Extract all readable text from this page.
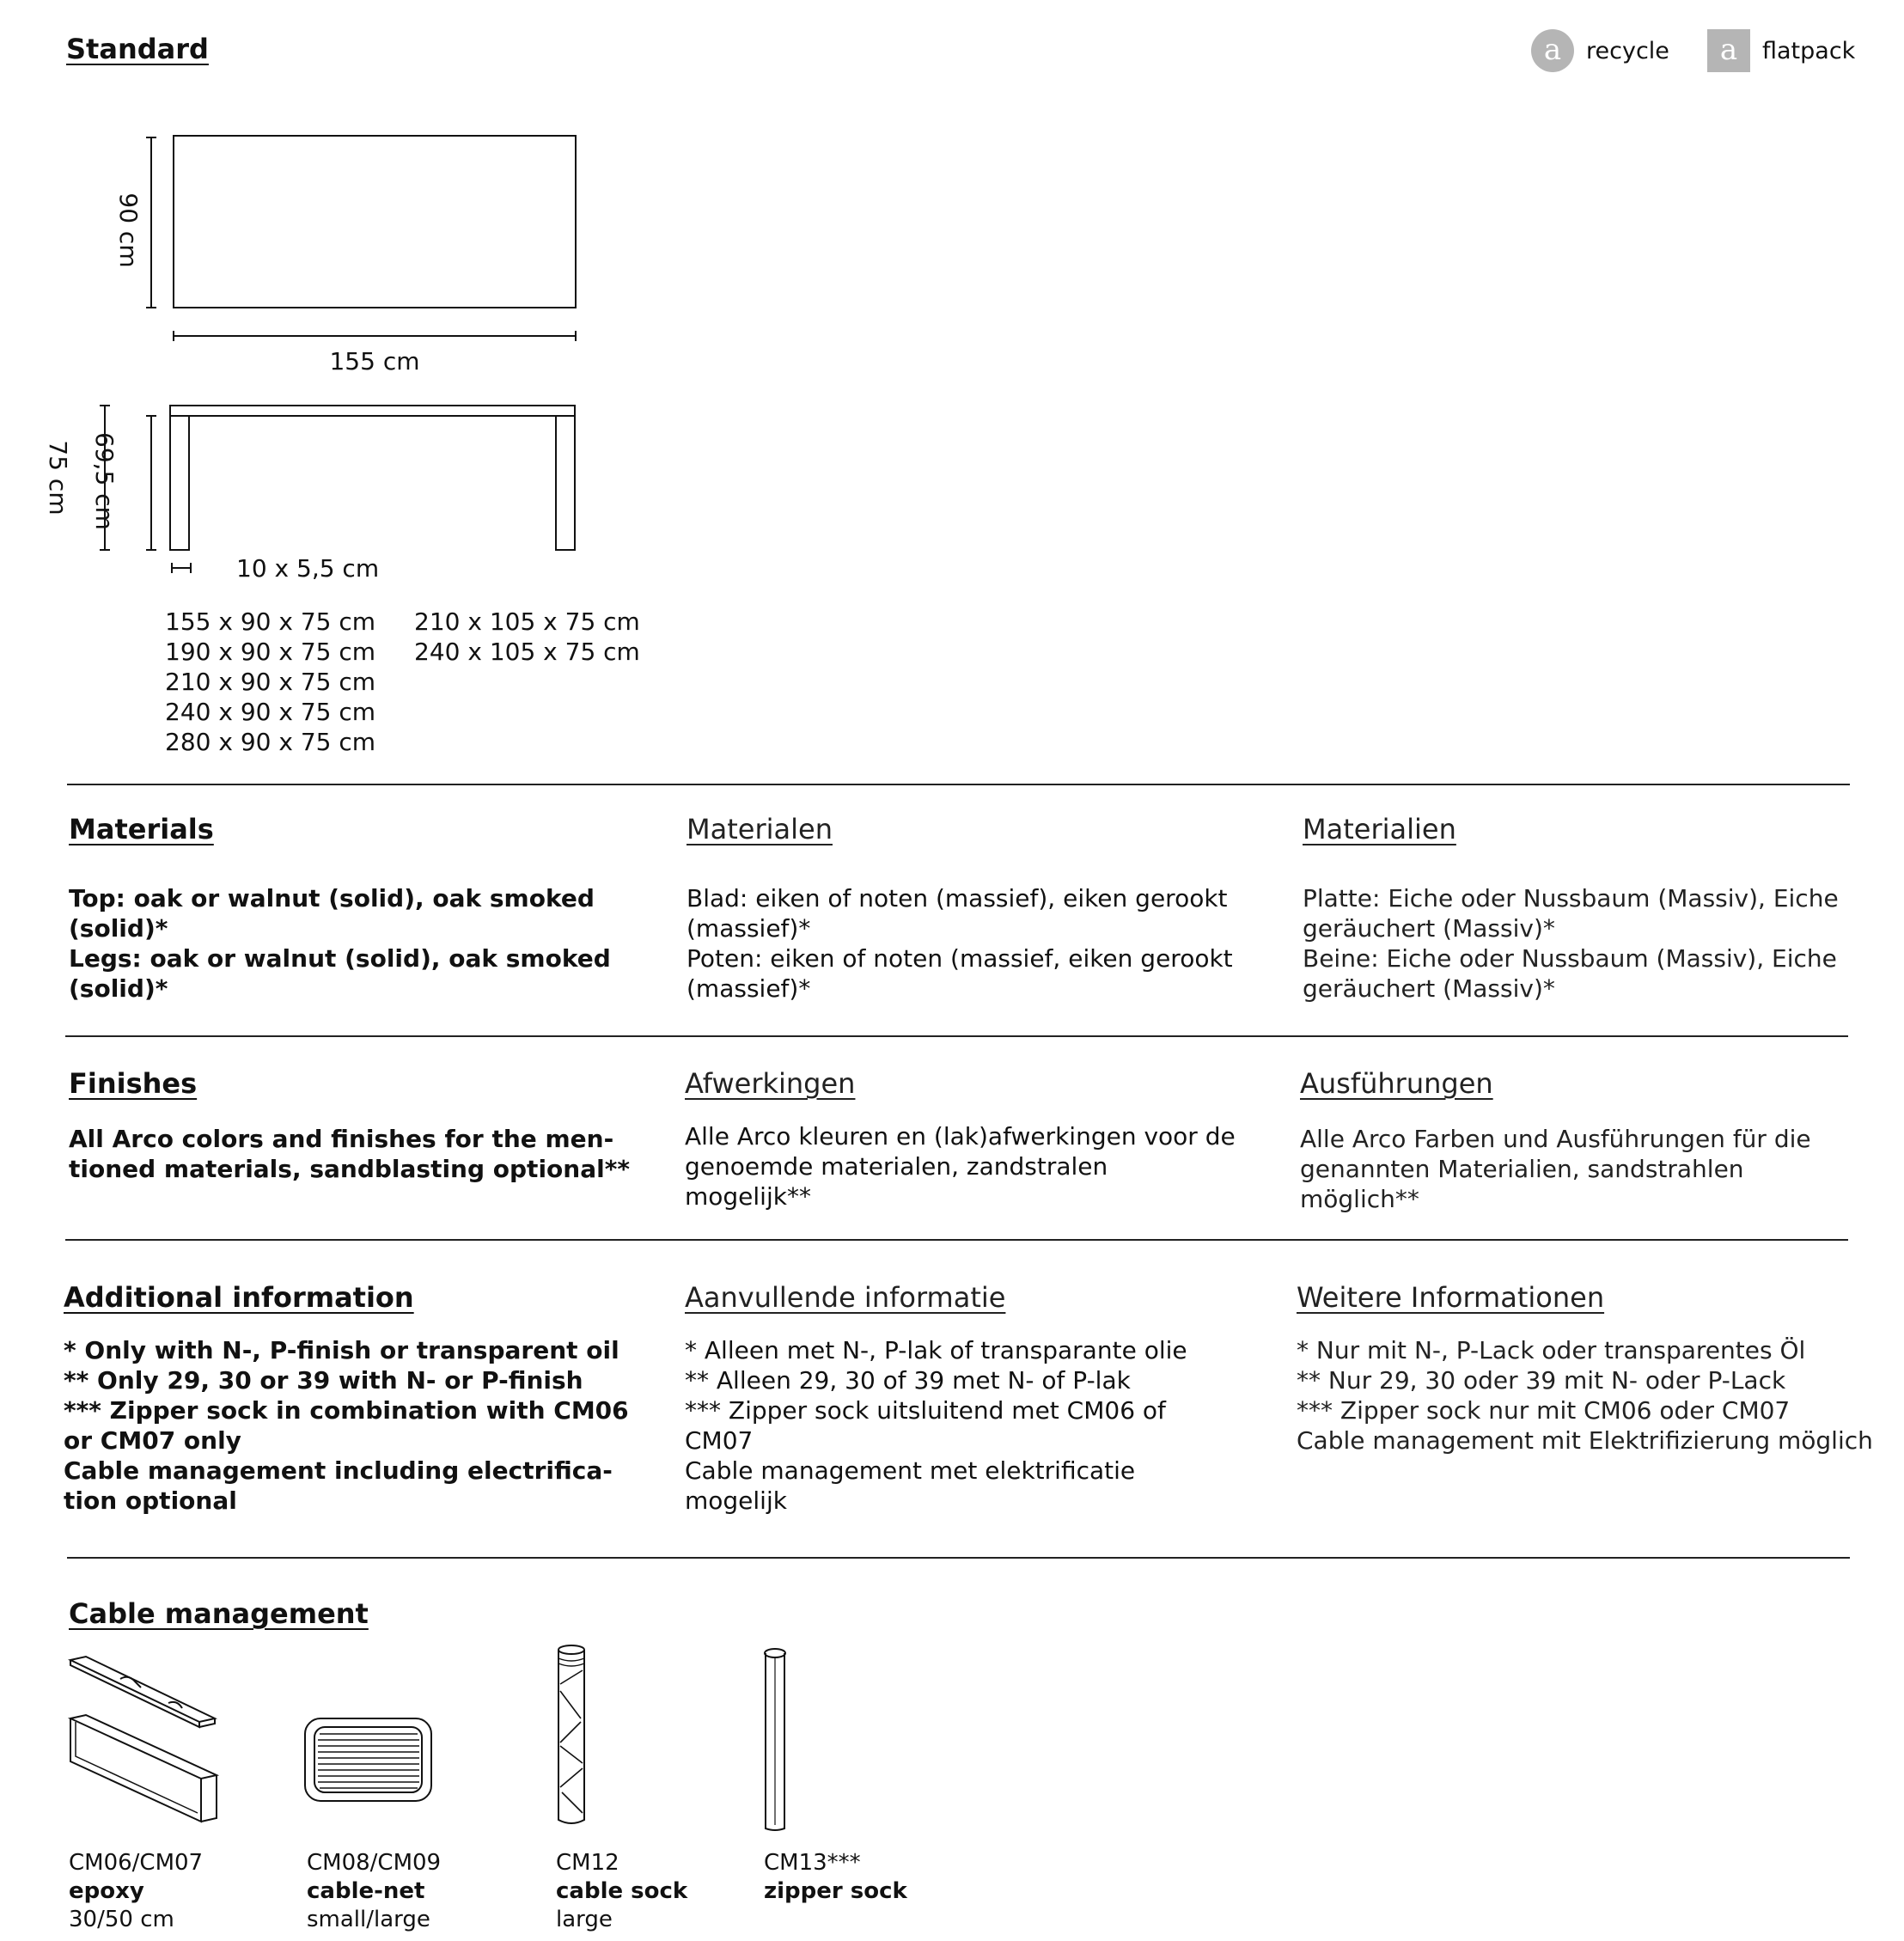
Standard	a	recycle	a	flatpack
90 cm
155 cm
75 cm 69,5 cm
10 x 5,5 cm
155 x 90 x 75 cm
190 x 90 x 75 cm
210 x 90 x 75 cm
240 x 90 x 75 cm
280 x 90 x 75 cm
210 x 105 x 75 cm
240 x 105 x 75 cm
Materials	Materialen	Materialien
Top: oak or walnut (solid), oak smoked
(solid)*
Legs: oak or walnut (solid), oak smoked
(solid)*
Blad: eiken of noten (massief), eiken gerookt
(massief)*
Poten: eiken of noten (massief, eiken gerookt
(massief)*
Platte: Eiche oder Nussbaum (Massiv), Eiche
geräuchert (Massiv)*
Beine: Eiche oder Nussbaum (Massiv), Eiche
geräuchert (Massiv)*
Finishes	Afwerkingen	Ausführungen
All Arco colors and finishes for the men-
tioned materials, sandblasting optional**
Alle Arco kleuren en (lak)afwerkingen voor de
genoemde materialen, zandstralen
mogelijk**
Alle Arco Farben und Ausführungen für die
genannten Materialien, sandstrahlen
möglich**
Additional information	Aanvullende informatie	Weitere Informationen
* Only with N-, P-finish or transparent oil
** Only 29, 30 or 39 with N- or P-finish
*** Zipper sock in combination with CM06
or CM07 only
Cable management including electrifica-
tion optional
* Alleen met N-, P-lak of transparante olie
** Alleen 29, 30 of 39 met N- of P-lak
*** Zipper sock uitsluitend met CM06 of
CM07
Cable management met elektrificatie
mogelijk
* Nur mit N-, P-Lack oder transparentes Öl
** Nur 29, 30 oder 39 mit N- oder P-Lack
*** Zipper sock nur mit CM06 oder CM07
Cable management mit Elektrifizierung möglich
Cable management
CM06/CM07
epoxy
30/50 cm
CM08/CM09
cable-net
small/large
CM12
cable sock
large
CM13***
zipper sock
